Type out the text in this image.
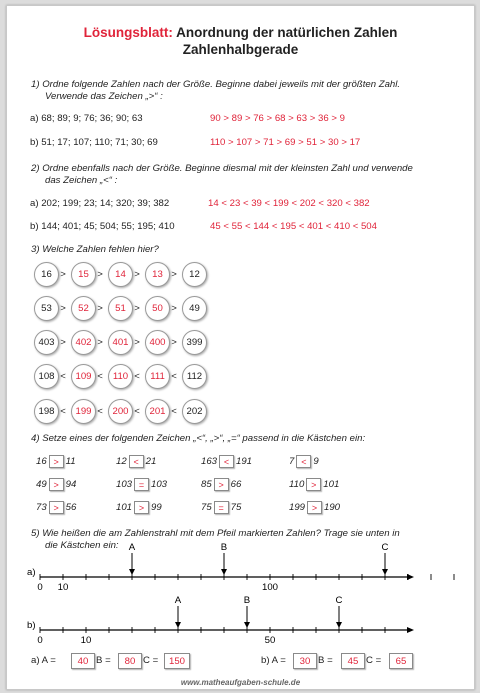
Lösungsblatt: Anordnung der natürlichen Zahlen
Zahlenhalbgerade
1) Ordne folgende Zahlen nach der Größe. Beginne dabei jeweils mit der größten Zahl.
Verwende das Zeichen „>“ :
a) 68; 89; 9; 76; 36; 90; 63	90 > 89 > 76 > 68 > 63 > 36 > 9
b) 51; 17; 107; 110; 71; 30; 69	110 > 107 > 71 > 69 > 51 > 30 > 17
2) Ordne ebenfalls nach der Größe. Beginne diesmal mit der kleinsten Zahl und verwende
das Zeichen „<“ :
a) 202; 199; 23; 14; 320; 39; 382	14 < 23 < 39 < 199 < 202 < 320 < 382
b) 144; 401; 45; 504; 55; 195; 410	45 < 55 < 144 < 195 < 401 < 410 < 504
3) Welche Zahlen fehlen hier?
16 >	15 >	14 >	13 >	12
53 >	52 >	51 >	50 >	49
403 >	402 >	401 >	400 >	399
108 <	109 <	110 <	111 <	112
198 <	199 <	200 <	201 <	202
4) Setze eines der folgenden Zeichen „<“, „>“, „=“ passend in die Kästchen ein:
16 > 11	12 < 21	163 < 191	7 < 9
49 > 94	103 = 103	85 > 66	110 > 101
73 > 56	101 > 99	75 = 75	199 > 190
5) Wie heißen die am Zahlenstrahl mit dem Pfeil markierten Zahlen? Trage sie unten in
die Kästchen ein:
a)
0 10	100
A	B	C
b)
0	10	50
A	B	C
a) A =	40 B =	80 C =	150	b) A =	30 B =	45 C =	65
www.matheaufgaben-schule.de
